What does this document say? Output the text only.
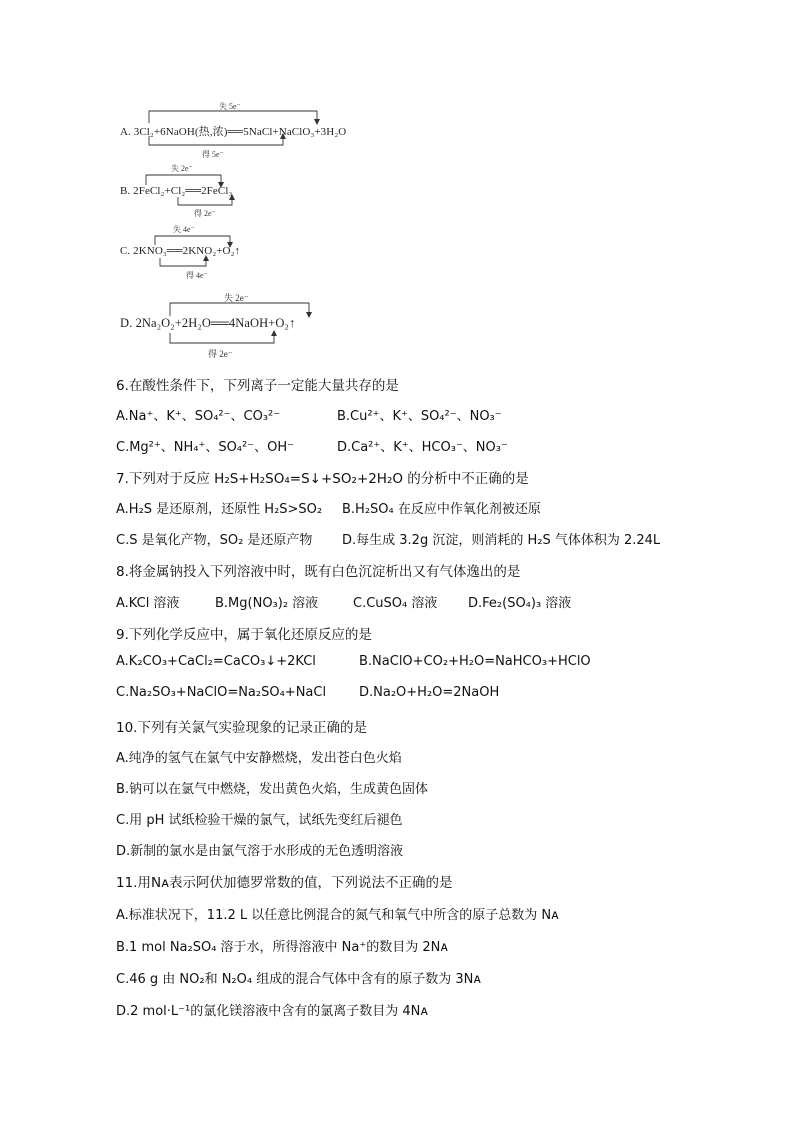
失 5e⁻
A. 3Cl₂+6NaOH(热,浓)══5NaCl+NaClO₃+3H₂O
得 5e⁻
失 2e⁻
B. 2FeCl₂+Cl₂══2FeCl₃
得 2e⁻
失 4e⁻
C. 2KNO₃══2KNO₂+O₂↑
得 4e⁻
失 2e⁻
D. 2Na₂O₂+2H₂O══4NaOH+O₂↑
得 2e⁻
6.在酸性条件下，下列离子一定能大量共存的是
A.Na⁺、K⁺、SO₄²⁻、CO₃²⁻	B.Cu²⁺、K⁺、SO₄²⁻、NO₃⁻
C.Mg²⁺、NH₄⁺、SO₄²⁻、OH⁻	D.Ca²⁺、K⁺、HCO₃⁻、NO₃⁻
7.下列对于反应 H₂S+H₂SO₄=S↓+SO₂+2H₂O 的分析中不正确的是
A.H₂S 是还原剂，还原性 H₂S>SO₂ B.H₂SO₄ 在反应中作氧化剂被还原
C.S 是氧化产物，SO₂ 是还原产物 D.每生成 3.2g 沉淀，则消耗的 H₂S 气体体积为 2.24L
8.将金属钠投入下列溶液中时，既有白色沉淀析出又有气体逸出的是
A.KCl 溶液	B.Mg(NO₃)₂ 溶液	C.CuSO₄ 溶液 D.Fe₂(SO₄)₃ 溶液
9.下列化学反应中，属于氧化还原反应的是
A.K₂CO₃+CaCl₂=CaCO₃↓+2KCl	B.NaClO+CO₂+H₂O=NaHCO₃+HClO
C.Na₂SO₃+NaClO=Na₂SO₄+NaCl	D.Na₂O+H₂O=2NaOH
10.下列有关氯气实验现象的记录正确的是
A.纯净的氢气在氯气中安静燃烧，发出苍白色火焰
B.钠可以在氯气中燃烧，发出黄色火焰，生成黄色固体
C.用 pH 试纸检验干燥的氯气，试纸先变红后褪色
D.新制的氯水是由氯气溶于水形成的无色透明溶液
11.用Nᴀ表示阿伏加德罗常数的值，下列说法不正确的是
A.标准状况下，11.2 L 以任意比例混合的氮气和氧气中所含的原子总数为 Nᴀ
B.1 mol Na₂SO₄ 溶于水，所得溶液中 Na⁺的数目为 2Nᴀ
C.46 g 由 NO₂和 N₂O₄ 组成的混合气体中含有的原子数为 3Nᴀ
D.2 mol·L⁻¹的氯化镁溶液中含有的氯离子数目为 4Nᴀ
